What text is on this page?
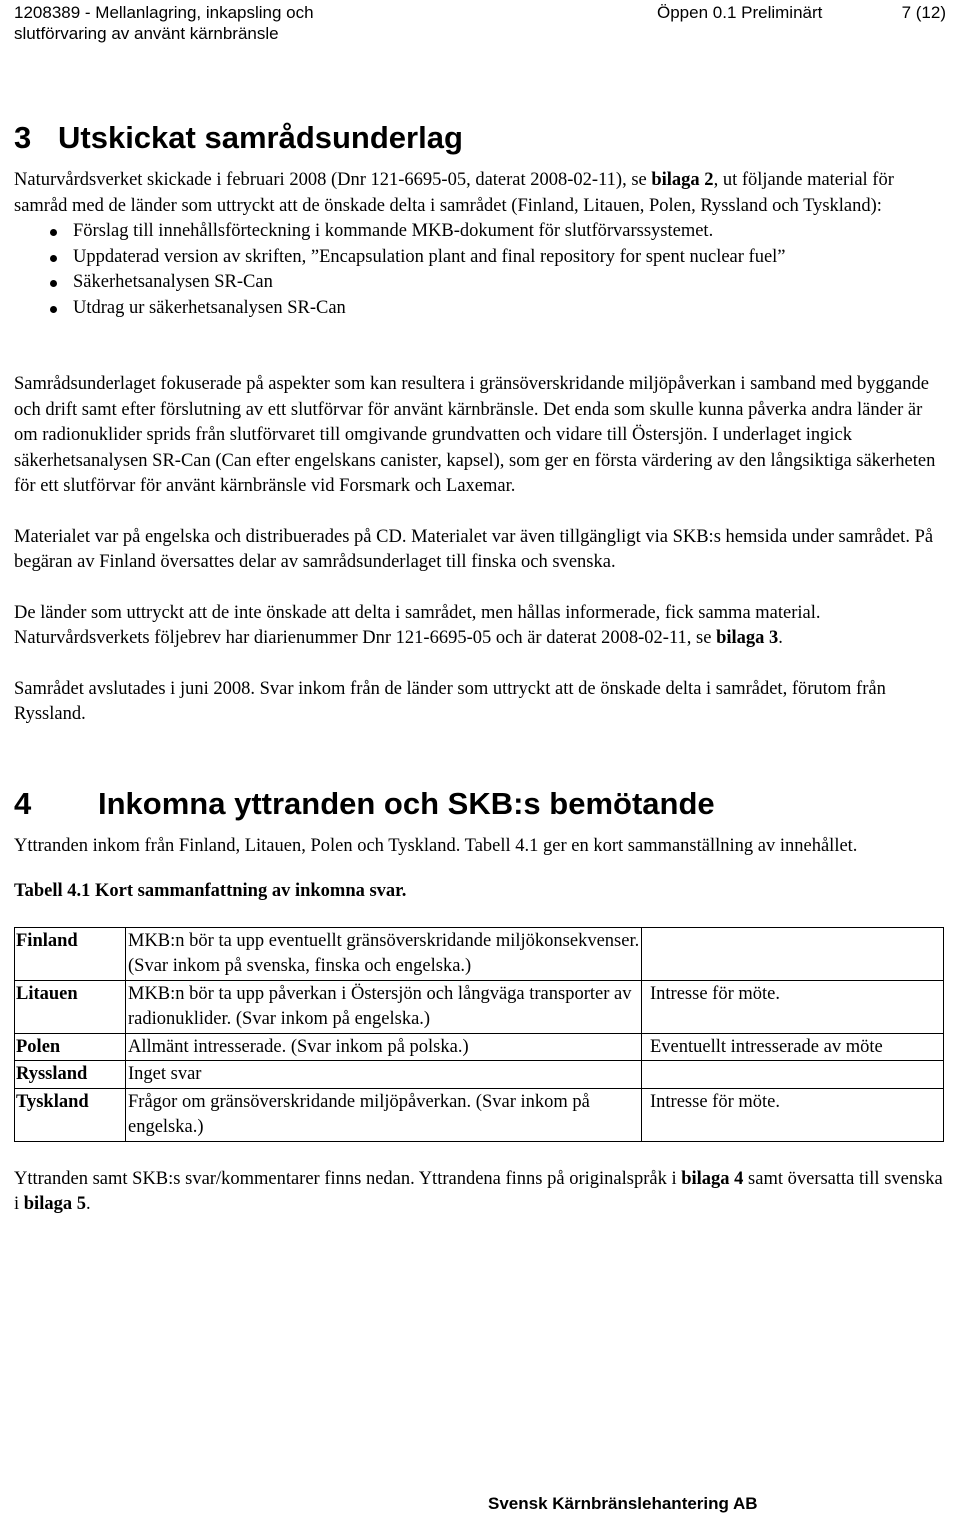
1208389 - Mellanlagring, inkapsling och
slutförvaring av använt kärnbränsle
Öppen 0.1 Preliminärt	7 (12)
3 Utskickat samrådsunderlag

Naturvårdsverket skickade i februari 2008 (Dnr 121-6695-05, daterat 2008-02-11), se bilaga 2, ut följande material för samråd med de länder som uttryckt att de önskade delta i samrådet (Finland, Litauen, Polen, Ryssland och Tyskland):

Förslag till innehållsförteckning i kommande MKB-dokument för slutförvarssystemet.
Uppdaterad version av skriften, ”Encapsulation plant and final repository for spent nuclear fuel”
Säkerhetsanalysen SR-Can
Utdrag ur säkerhetsanalysen SR-Can

Samrådsunderlaget fokuserade på aspekter som kan resultera i gränsöverskridande miljöpåverkan i samband med byggande och drift samt efter förslutning av ett slutförvar för använt kärnbränsle. Det enda som skulle kunna påverka andra länder är om radionuklider sprids från slutförvaret till omgivande grundvatten och vidare till Östersjön. I underlaget ingick säkerhetsanalysen SR-Can (Can efter engelskans canister, kapsel), som ger en första värdering av den långsiktiga säkerheten för ett slutförvar för använt kärnbränsle vid Forsmark och Laxemar.

Materialet var på engelska och distribuerades på CD. Materialet var även tillgängligt via SKB:s hemsida under samrådet. På begäran av Finland översattes delar av samrådsunderlaget till finska och svenska.

De länder som uttryckt att de inte önskade att delta i samrådet, men hållas informerade, fick samma material. Naturvårdsverkets följebrev har diarienummer Dnr 121-6695-05 och är daterat 2008-02-11, se bilaga 3.

Samrådet avslutades i juni 2008. Svar inkom från de länder som uttryckt att de önskade delta i samrådet, förutom från Ryssland.

4 Inkomna yttranden och SKB:s bemötande

Yttranden inkom från Finland, Litauen, Polen och Tyskland. Tabell 4.1 ger en kort sammanställning av innehållet.

Tabell 4.1 Kort sammanfattning av inkomna svar.

Finland	MKB:n bör ta upp eventuellt gränsöverskridande miljökonsekvenser. (Svar inkom på svenska, finska och engelska.)	
Litauen	MKB:n bör ta upp påverkan i Östersjön och långväga transporter av radionuklider. (Svar inkom på engelska.)	Intresse för möte.
Polen	Allmänt intresserade. (Svar inkom på polska.)	Eventuellt intresserade av möte
Ryssland	Inget svar	
Tyskland	Frågor om gränsöverskridande miljöpåverkan. (Svar inkom på engelska.)	Intresse för möte.

Yttranden samt SKB:s svar/kommentarer finns nedan. Yttrandena finns på originalspråk i bilaga 4 samt översatta till svenska i bilaga 5.

Svensk Kärnbränslehantering AB
